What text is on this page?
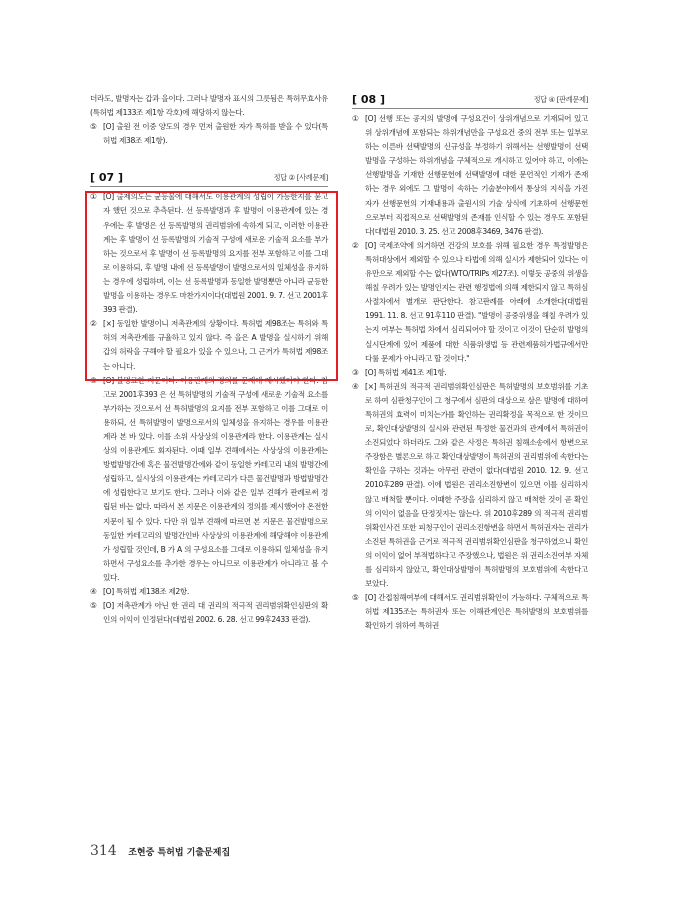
더라도, 발명자는 갑과 을이다. 그러나 발명자 표시의 그릇됨은 특허무효사유(특허법 제133조 제1항 각호)에 해당하지 않는다.
⑤ [O] 출원 전 이중 양도의 경우 먼저 출원한 자가 특허를 받을 수 있다(특허법 제38조 제1항).
[ 07 ]	정답 ② [사례문제]
① [O] 출제의도는 균등물에 대해서도 이용관계의 성립이 가능한지를 묻고자 했던 것으로 추측된다. 선 등록발명과 후 발명이 이용관계에 있는 경우에는 후 발명은 선 등록발명의 권리범위에 속하게 되고, 이러한 이용관계는 후 발명이 선 등록발명의 기술적 구성에 새로운 기술적 요소를 부가하는 것으로서 후 발명이 선 등록발명의 요지를 전부 포함하고 이를 그대로 이용하되, 후 발명 내에 선 등록발명이 발명으로서의 일체성을 유지하는 경우에 성립하며, 이는 선 등록발명과 동일한 발명뿐만 아니라 균등한 발명을 이용하는 경우도 마찬가지이다(대법원 2001. 9. 7. 선고 2001후393 판결).
② [×] 동일한 발명이니 저촉관계의 상황이다. 특허법 제98조는 특허와 특허의 저촉관계를 규율하고 있지 않다. 즉 을은 A 발명을 실시하기 위해 갑의 허락을 구해야 할 필요가 있을 수 있으나, 그 근거가 특허법 제98조는 아니다.
③ [O] 불명료한 지문이다. 이용관계의 정의를 문제에 제시했어야 한다. 참고로 2001후393 은 선 특허발명의 기술적 구성에 새로운 기술적 요소를 부가하는 것으로서 선 특허발명의 요지를 전부 포함하고 이를 그대로 이용하되, 선 특허발명이 발명으로서의 일체성을 유지하는 경우를 이용관계라 본 바 있다. 이를 소위 사상상의 이용관계라 한다. 이용관계는 실시상의 이용관계도 회자된다. 이때 일부 견해에서는 사상상의 이용관계는 방법발명간에 혹은 물건발명간에와 같이 동일한 카테고리 내의 발명간에 성립하고, 실시상의 이용관계는 카테고리가 다른 물건발명과 방법발명간에 성립한다고 보기도 한다. 그러나 이와 같은 일부 견해가 판례로써 정립된 바는 없다. 따라서 본 지문은 이용관계의 정의를 제시했어야 온전한 지문이 될 수 있다. 다만 위 일부 견해에 따르면 본 지문은 물건발명으로 동일한 카테고리의 발명간인바 사상상의 이용관계에 해당해야 이용관계가 성립할 것인데, B 가 A 의 구성요소를 그대로 이용하되 일체성을 유지하면서 구성요소를 추가한 경우는 아니므로 이용관계가 아니라고 볼 수 있다.
④ [O] 특허법 제138조 제2항.
⑤ [O] 저촉관계가 아닌 한 권리 대 권리의 적극적 권리범위확인심판의 확인의 이익이 인정된다(대법원 2002. 6. 28. 선고 99후2433 판결).
[ 08 ]	정답 ④ [판례문제]
① [O] 선행 또는 공지의 발명에 구성요건이 상위개념으로 기재되어 있고 위 상위개념에 포함되는 하위개념만을 구성요건 중의 전부 또는 일부로 하는 이른바 선택발명의 신규성을 부정하기 위해서는 선행발명이 선택발명을 구성하는 하위개념을 구체적으로 개시하고 있어야 하고, 이에는 선행발명을 기재한 선행문헌에 선택발명에 대한 문언적인 기재가 존재하는 경우 외에도 그 발명이 속하는 기술분야에서 통상의 지식을 가진 자가 선행문헌의 기재내용과 출원시의 기술 상식에 기초하여 선행문헌으로부터 직접적으로 선택발명의 존재를 인식할 수 있는 경우도 포함된다(대법원 2010. 3. 25. 선고 2008후3469, 3476 판결).
② [O] 국제조약에 의거하면 건강의 보호를 위해 필요한 경우 특정발명은 특허대상에서 제외할 수 있으나 타법에 의해 실시가 제한되어 있다는 이유만으로 제외할 수는 없다(WTO/TRIPs 제27조). 이렇듯 공중의 위생을 해칠 우려가 있는 발명인지는 관련 행정법에 의해 제한되지 않고 특허심사절차에서 별개로 판단한다. 참고판례를 아래에 소개한다(대법원 1991. 11. 8. 선고 91후110 판결). "발명이 공중위생을 해칠 우려가 있는지 여부는 특허법 차에서 심리되어야 할 것이고 이것이 단순히 발명의 실시단계에 있어 제품에 대한 식품위생법 등 관련제품허가법규에서만 다룰 문제가 아니라고 할 것이다."
③ [O] 특허법 제41조 제1항.
④ [×] 특허권의 적극적 권리범위확인심판은 특허발명의 보호범위를 기초로 하여 심판청구인이 그 청구에서 심판의 대상으로 삼은 발명에 대하여 특허권의 효력이 미치는가를 확인하는 권리확정을 목적으로 한 것이므로, 확인대상발명의 실시와 관련된 특정한 물건과의 관계에서 특허권이 소진되었다 하더라도 그와 같은 사정은 특허권 침해소송에서 항변으로 주장함은 별론으로 하고 확인대상발명이 특허권의 권리범위에 속한다는 확인을 구하는 것과는 아무런 관련이 없다(대법원 2010. 12. 9. 선고 2010후289 판결). 이에 법원은 권리소진항변이 있으면 이를 심리하지 않고 배척할 뿐이다. 이때한 주장을 심리하지 않고 배척한 것이 곧 확인의 이익이 없음을 단정짓지는 않는다. 위 2010후289 의 적극적 권리범위확인사건 또한 피청구인이 권리소진항변을 하면서 특허권자는 권리가 소진된 특허권을 근거로 적극적 권리범위확인심판을 청구하였으니 확인의 이익이 없어 부적법하다고 주장했으나, 법원은 위 권리소진여부 자체를 심리하지 않았고, 확인대상발명이 특허발명의 보호범위에 속한다고 보았다.
⑤ [O] 간접침해여부에 대해서도 권리범위확인이 가능하다. 구체적으로 특허법 제135조는 특허권자 또는 이해관계인은 특허발명의 보호범위를 확인하기 위하여 특허권
314 조현중 특허법 기출문제집
